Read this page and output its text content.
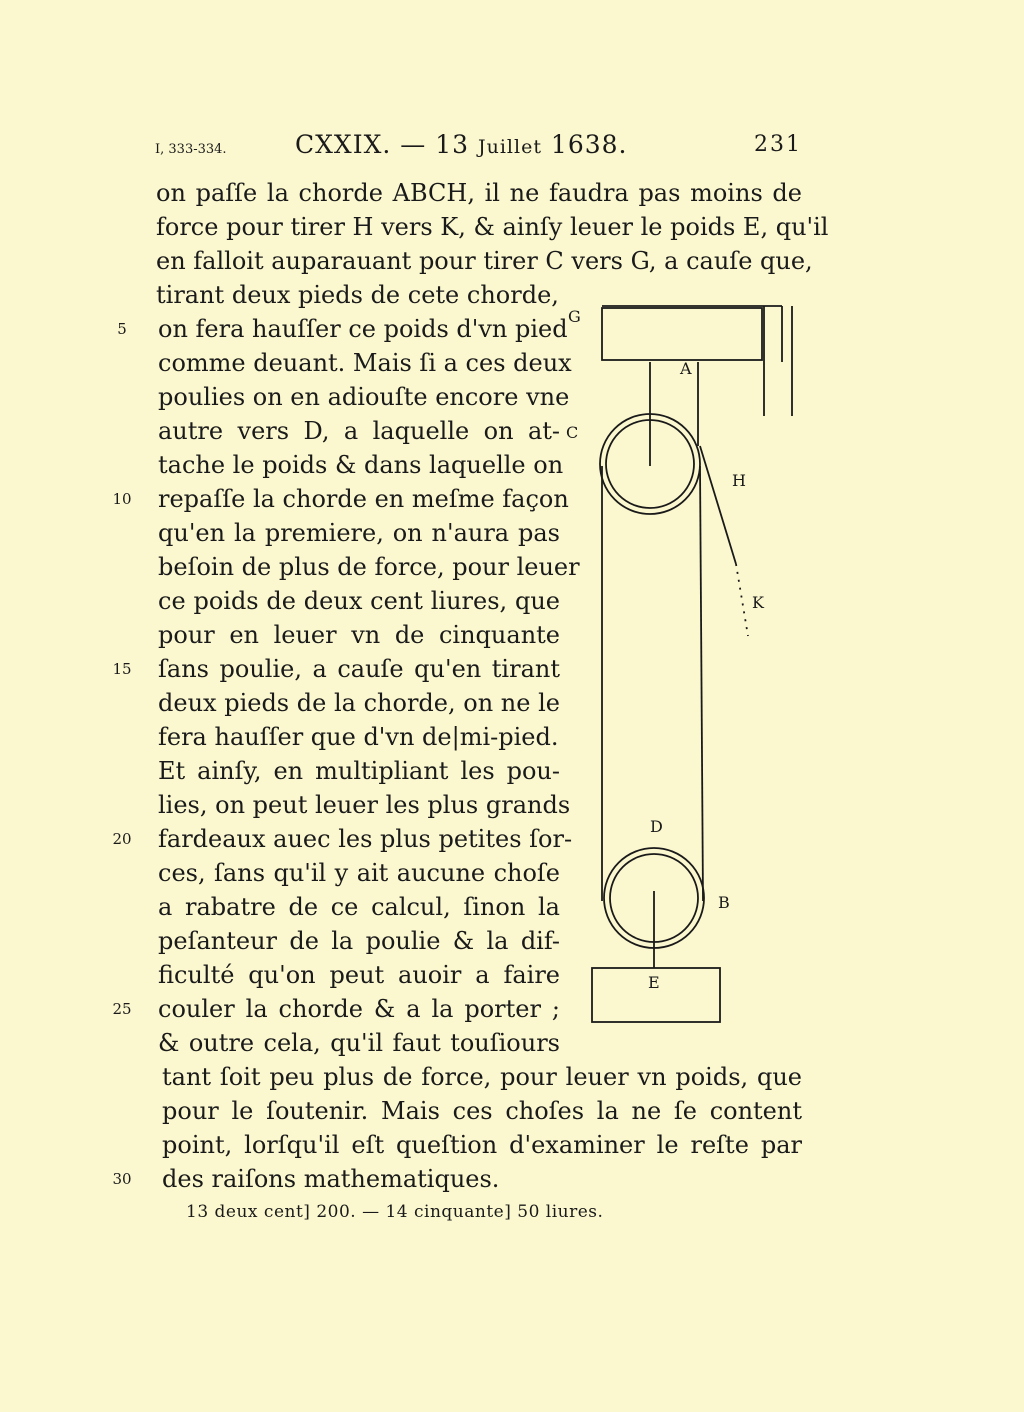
I, 333-334.	CXXIX. — 13 Juillet 1638.	231
on paſſe la chorde ABCH, il ne faudra pas moins de
force pour tirer H vers K, & ainſy leuer le poids E, qu'il
en falloit auparauant pour tirer C vers G, a cauſe que,
tirant deux pieds de cete chorde,
on fera hauſſer ce poids d'vn pied
5
comme deuant. Mais ſi a ces deux
poulies on en adiouſte encore vne
autre vers D, a laquelle on at-
tache le poids & dans laquelle on
repaſſe la chorde en meſme façon
10
qu'en la premiere, on n'aura pas
beſoin de plus de force, pour leuer
ce poids de deux cent liures, que
pour en leuer vn de cinquante
ſans poulie, a cauſe qu'en tirant
15
deux pieds de la chorde, on ne le
fera hauſſer que d'vn de|mi-pied.
Et ainſy, en multipliant les pou-
lies, on peut leuer les plus grands
fardeaux auec les plus petites ſor-
20
ces, ſans qu'il y ait aucune choſe
a rabatre de ce calcul, ſinon la
peſanteur de la poulie & la dif-
ficulté qu'on peut auoir a faire
couler la chorde & a la porter ;
25
& outre cela, qu'il faut touſiours
tant ſoit peu plus de force, pour leuer vn poids, que
pour le ſoutenir. Mais ces choſes la ne ſe content
point, lorſqu'il eſt queſtion d'examiner le reſte par
des raiſons mathematiques.
30
13 deux cent] 200. — 14 cinquante] 50 liures.
G
A
C
H
K
D
B
E
